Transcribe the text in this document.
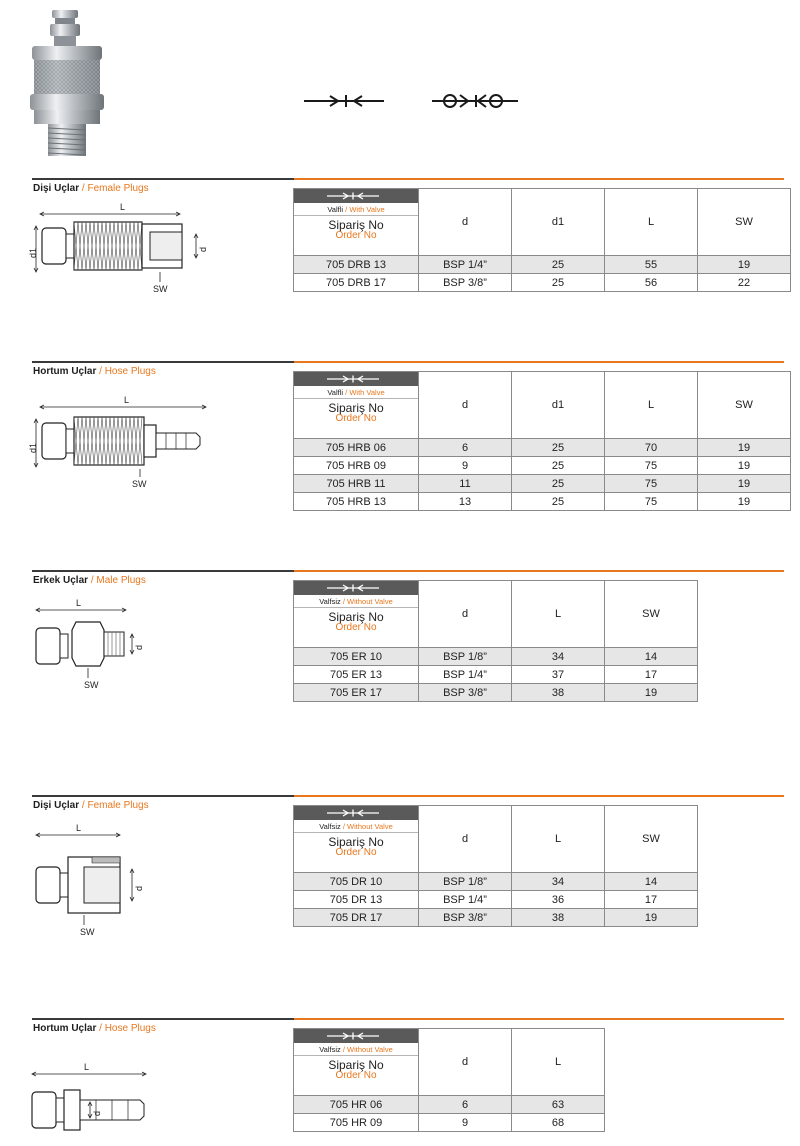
Dişi Uçlar / Female Plugs
L
d1	d
SW
Valfli / With Valve
Sipariş No
Order No	d	d1	L	SW
705 DRB 13	BSP 1/4”	25	55	19
705 DRB 17	BSP 3/8”	25	56	22
Hortum Uçlar / Hose Plugs
L
d1
SW
Valfli / With Valve
Sipariş No
Order No	d	d1	L	SW
705 HRB 06	6	25	70	19
705 HRB 09	9	25	75	19
705 HRB 11	11	25	75	19
705 HRB 13	13	25	75	19
Erkek Uçlar / Male Plugs
L
d
SW
Valfsiz / Without Valve
Sipariş No
Order No	d	L	SW
705 ER 10	BSP 1/8”	34	14
705 ER 13	BSP 1/4”	37	17
705 ER 17	BSP 3/8”	38	19
Dişi Uçlar / Female Plugs
L
d
SW
Valfsiz / Without Valve
Sipariş No
Order No	d	L	SW
705 DR 10	BSP 1/8”	34	14
705 DR 13	BSP 1/4”	36	17
705 DR 17	BSP 3/8”	38	19
Hortum Uçlar / Hose Plugs
L
d
Valfsiz / Without Valve
Sipariş No
Order No	d	L
705 HR 06	6	63
705 HR 09	9	68
